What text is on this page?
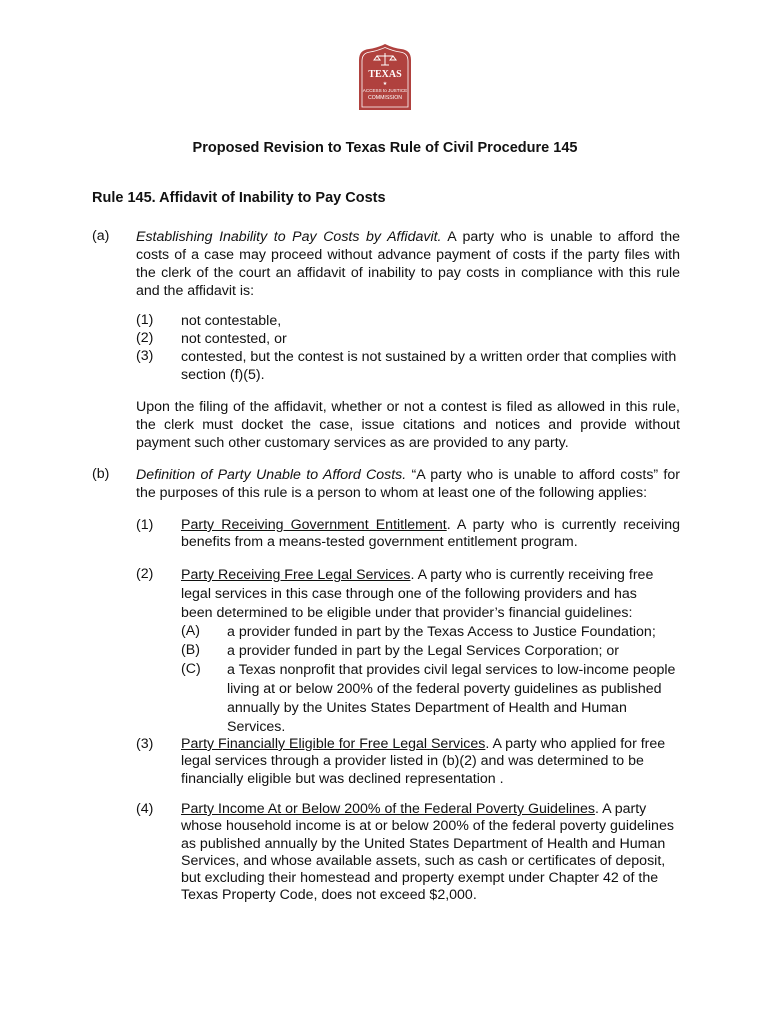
TEXAS
★
ACCESS to JUSTICE
COMMISSION
Proposed Revision to Texas Rule of Civil Procedure 145
Rule 145. Affidavit of Inability to Pay Costs
(a) Establishing Inability to Pay Costs by Affidavit. A party who is unable to afford the costs of a case may proceed without advance payment of costs if the party files with the clerk of the court an affidavit of inability to pay costs in compliance with this rule and the affidavit is:
(1) not contestable,
(2) not contested, or
(3) contested, but the contest is not sustained by a written order that complies with section (f)(5).
Upon the filing of the affidavit, whether or not a contest is filed as allowed in this rule, the clerk must docket the case, issue citations and notices and provide without payment such other customary services as are provided to any party.
(b) Definition of Party Unable to Afford Costs. “A party who is unable to afford costs” for the purposes of this rule is a person to whom at least one of the following applies:
(1) Party Receiving Government Entitlement. A party who is currently receiving benefits from a means-tested government entitlement program.
(2) Party Receiving Free Legal Services. A party who is currently receiving free legal services in this case through one of the following providers and has been determined to be eligible under that provider’s financial guidelines:
(A) a provider funded in part by the Texas Access to Justice Foundation;
(B) a provider funded in part by the Legal Services Corporation; or
(C) a Texas nonprofit that provides civil legal services to low-income people living at or below 200% of the federal poverty guidelines as published annually by the Unites States Department of Health and Human Services.
(3) Party Financially Eligible for Free Legal Services. A party who applied for free legal services through a provider listed in (b)(2) and was determined to be financially eligible but was declined representation .
(4) Party Income At or Below 200% of the Federal Poverty Guidelines. A party whose household income is at or below 200% of the federal poverty guidelines as published annually by the United States Department of Health and Human Services, and whose available assets, such as cash or certificates of deposit, but excluding their homestead and property exempt under Chapter 42 of the Texas Property Code, does not exceed $2,000.
